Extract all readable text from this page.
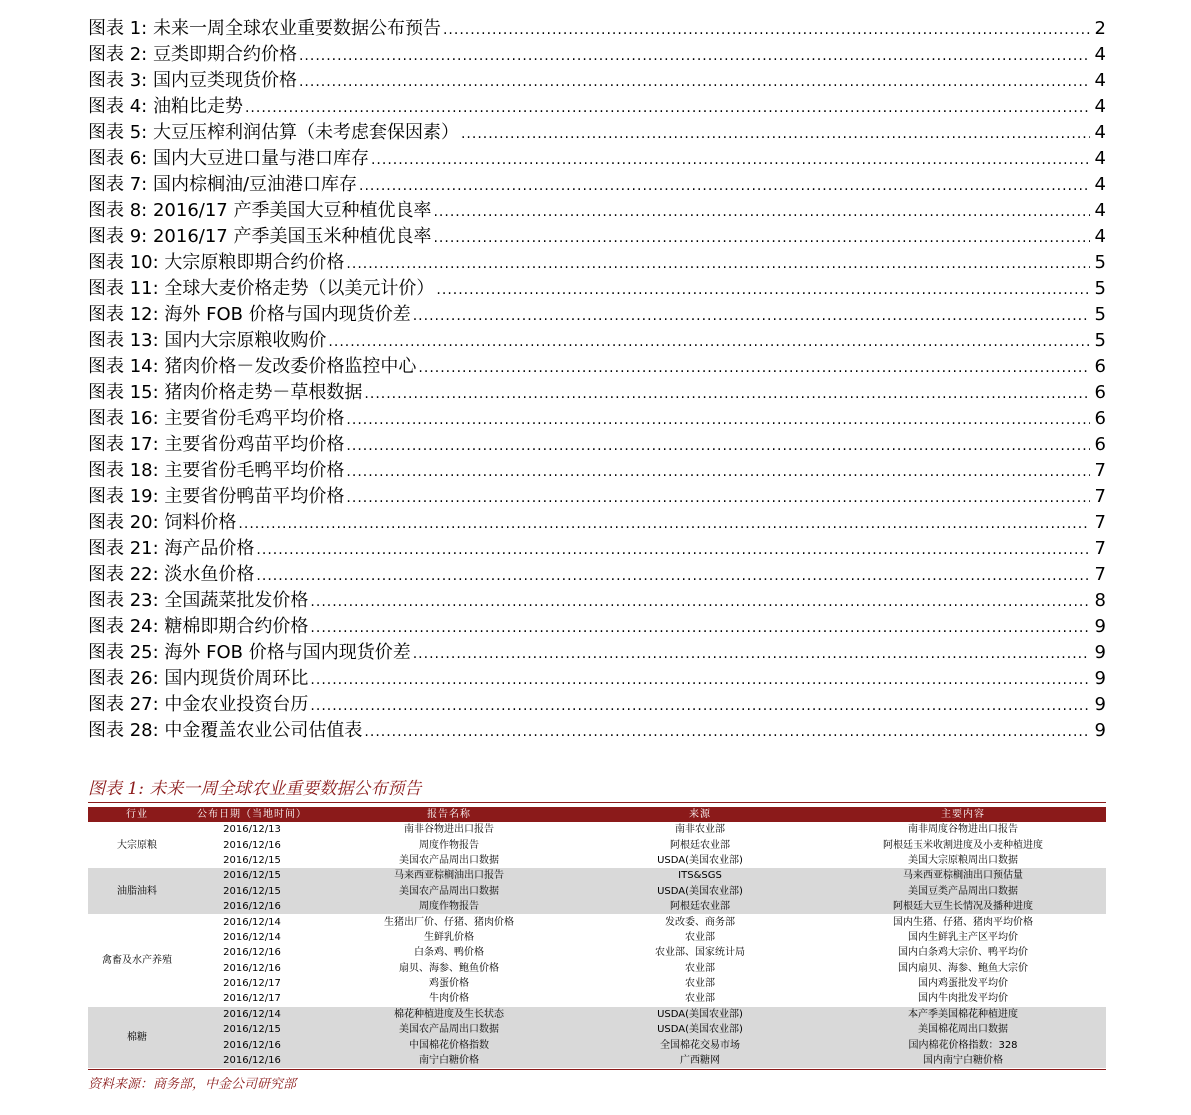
图表 1: 未来一周全球农业重要数据公布预告 .....	2
图表 2: 豆类即期合约价格 .....	4
图表 3: 国内豆类现货价格 .....	4
图表 4: 油粕比走势 .....	4
图表 5: 大豆压榨利润估算（未考虑套保因素） .....	4
图表 6: 国内大豆进口量与港口库存 .....	4
图表 7: 国内棕榈油/豆油港口库存 .....	4
图表 8: 2016/17 产季美国大豆种植优良率 .....	4
图表 9: 2016/17 产季美国玉米种植优良率 .....	4
图表 10: 大宗原粮即期合约价格 .....	5
图表 11: 全球大麦价格走势（以美元计价） .....	5
图表 12: 海外 FOB 价格与国内现货价差 .....	5
图表 13: 国内大宗原粮收购价 .....	5
图表 14: 猪肉价格－发改委价格监控中心 .....	6
图表 15: 猪肉价格走势－草根数据 .....	6
图表 16: 主要省份毛鸡平均价格 .....	6
图表 17: 主要省份鸡苗平均价格 .....	6
图表 18: 主要省份毛鸭平均价格 .....	7
图表 19: 主要省份鸭苗平均价格 .....	7
图表 20: 饲料价格 .....	7
图表 21: 海产品价格 .....	7
图表 22: 淡水鱼价格 .....	7
图表 23: 全国蔬菜批发价格 .....	8
图表 24: 糖棉即期合约价格 .....	9
图表 25: 海外 FOB 价格与国内现货价差 .....	9
图表 26: 国内现货价周环比 .....	9
图表 27: 中金农业投资台历 .....	9
图表 28: 中金覆盖农业公司估值表 .....	9
图表 1: 未来一周全球农业重要数据公布预告
行业	公布日期（当地时间）	报告名称	来源	主要内容
大宗原粮	2016/12/13	南非谷物进出口报告	南非农业部	南非周度谷物进出口报告
	2016/12/16	周度作物报告	阿根廷农业部	阿根廷玉米收割进度及小麦种植进度
	2016/12/15	美国农产品周出口数据	USDA(美国农业部)	美国大宗原粮周出口数据
油脂油料	2016/12/15	马来西亚棕榈油出口报告	ITS&SGS	马来西亚棕榈油出口预估量
	2016/12/15	美国农产品周出口数据	USDA(美国农业部)	美国豆类产品周出口数据
	2016/12/16	周度作物报告	阿根廷农业部	阿根廷大豆生长情况及播种进度
禽畜及水产养殖	2016/12/14	生猪出厂价、仔猪、猪肉价格	发改委、商务部	国内生猪、仔猪、猪肉平均价格
	2016/12/14	生鲜乳价格	农业部	国内生鲜乳主产区平均价
	2016/12/16	白条鸡、鸭价格	农业部、国家统计局	国内白条鸡大宗价、鸭平均价
	2016/12/16	扇贝、海参、鲍鱼价格	农业部	国内扇贝、海参、鲍鱼大宗价
	2016/12/17	鸡蛋价格	农业部	国内鸡蛋批发平均价
	2016/12/17	牛肉价格	农业部	国内牛肉批发平均价
棉糖	2016/12/14	棉花种植进度及生长状态	USDA(美国农业部)	本产季美国棉花种植进度
	2016/12/15	美国农产品周出口数据	USDA(美国农业部)	美国棉花周出口数据
	2016/12/16	中国棉花价格指数	全国棉花交易市场	国内棉花价格指数：328
	2016/12/16	南宁白糖价格	广西糖网	国内南宁白糖价格
资料来源：商务部，中金公司研究部
